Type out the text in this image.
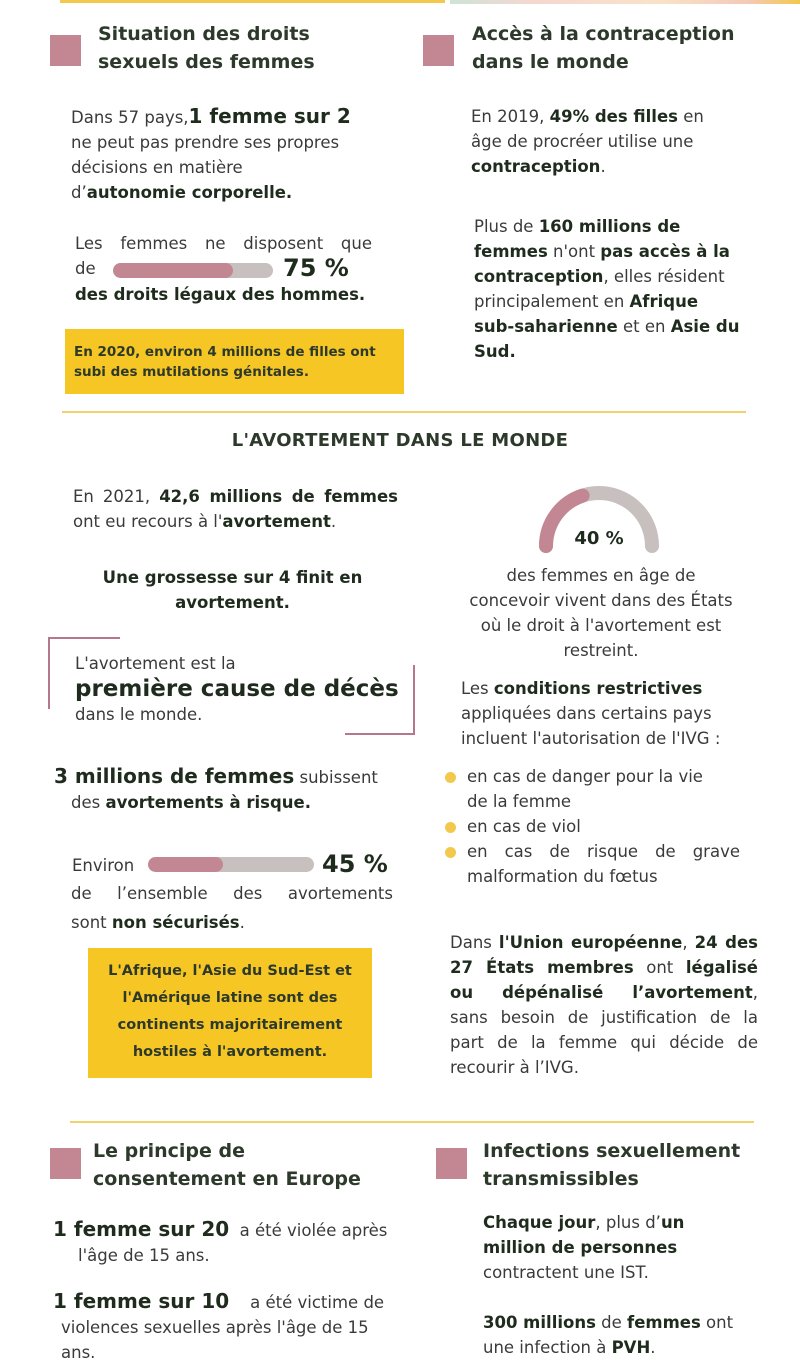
Situation des droits
sexuels des femmes
Dans 57 pays,1 femme sur 2
ne peut pas prendre ses propres
décisions en matière
d’autonomie corporelle.
Les femmes ne disposent que
de	75 %
des droits légaux des hommes.
En 2020, environ 4 millions de filles ont
subi des mutilations génitales.
Accès à la contraception
dans le monde
En 2019, 49% des filles en
âge de procréer utilise une
contraception.
Plus de 160 millions de
femmes n'ont pas accès à la
contraception, elles résident
principalement en Afrique
sub-saharienne et en Asie du
Sud.
L'AVORTEMENT DANS LE MONDE
En 2021, 42,6 millions de femmes
ont eu recours à l'avortement.
Une grossesse sur 4 finit en
avortement.
L'avortement est la
première cause de décès
dans le monde.
3 millions de femmes subissent
des avortements à risque.
Environ	45 %
de l’ensemble des avortements
sont non sécurisés.
L'Afrique, l'Asie du Sud-Est et
l'Amérique latine sont des
continents majoritairement
hostiles à l'avortement.
40 %
des femmes en âge de
concevoir vivent dans des États
où le droit à l'avortement est
restreint.
Les conditions restrictives
appliquées dans certains pays
incluent l'autorisation de l'IVG :
en cas de danger pour la vie
de la femme
en cas de viol
en cas de risque de grave
malformation du fœtus
Dans l'Union européenne, 24 des
27 États membres ont légalisé
ou dépénalisé l’avortement,
sans besoin de justification de la
part de la femme qui décide de
recourir à l’IVG.
Le principe de
consentement en Europe
1 femme sur 20 a été violée après
l'âge de 15 ans.
1 femme sur 10 a été victime de
violences sexuelles après l'âge de 15
ans.
Infections sexuellement
transmissibles
Chaque jour, plus d’un
million de personnes
contractent une IST.
300 millions de femmes ont
une infection à PVH.
